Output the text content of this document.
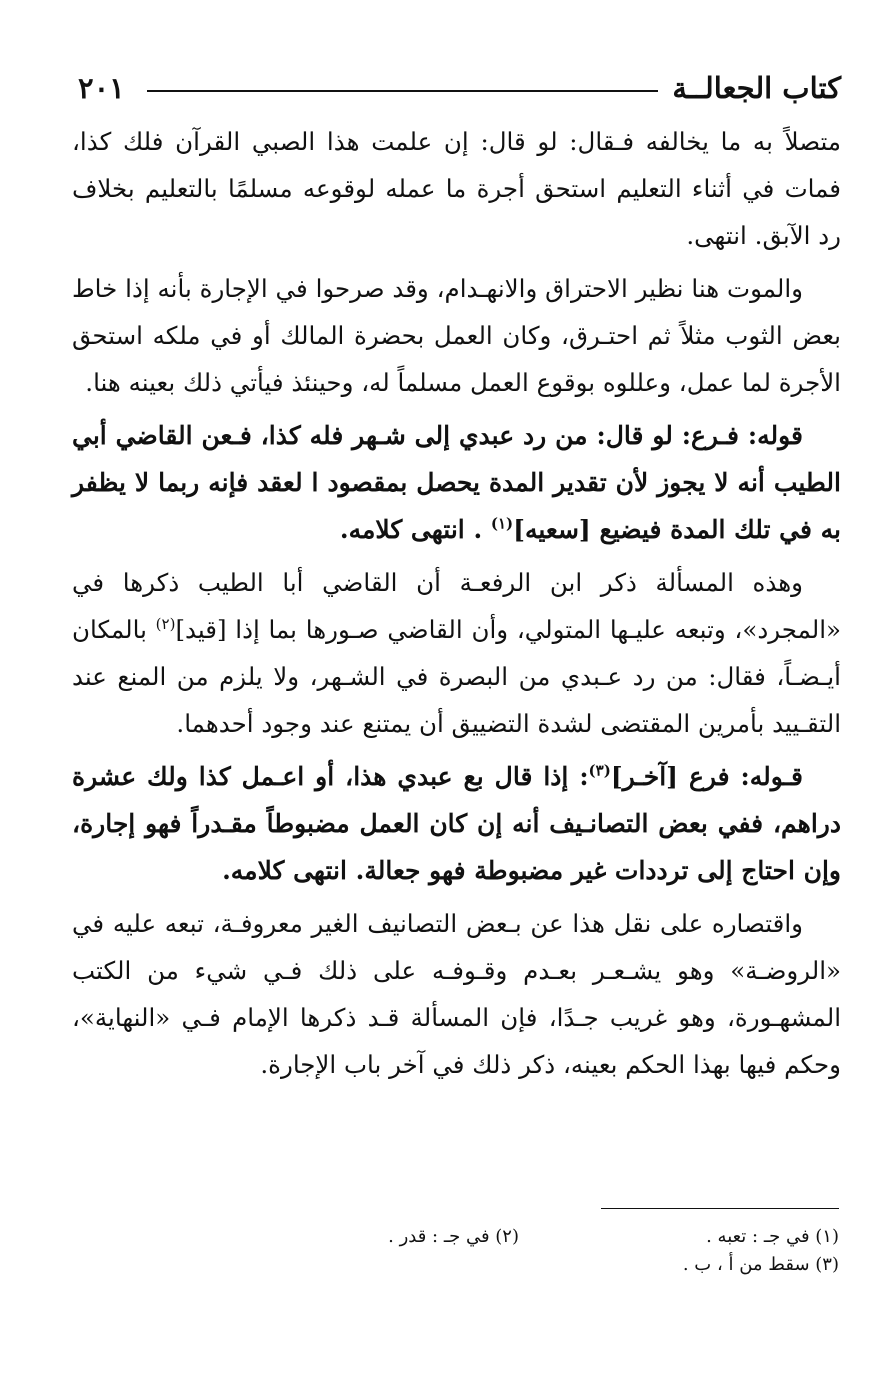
كتاب الجعالــة
٢٠١

متصلاً به ما يخالفه فـقال: لو قال: إن علمت هذا الصبي القرآن فلك كذا، فمات في أثناء التعليم استحق أجرة ما عمله لوقوعه مسلمًا بالتعليم بخلاف رد الآبق. انتهى.

والموت هنا نظير الاحتراق والانهـدام، وقد صرحوا في الإجارة بأنه إذا خاط بعض الثوب مثلاً ثم احتـرق، وكان العمل بحضرة المالك أو في ملكه استحق الأجرة لما عمل، وعللوه بوقوع العمل مسلماً له، وحينئذ فيأتي ذلك بعينه هنا.

قوله: فـرع: لو قال: من رد عبدي إلى شـهر فله كذا، فـعن القاضي أبي الطيب أنه لا يجوز لأن تقدير المدة يحصل بمقصود ا لعقد فإنه ربما لا يظفر به في تلك المدة فيضيع [سعيه]$^{(١)}$ . انتهى كلامه.

وهذه المسألة ذكر ابن الرفعـة أن القاضي أبا الطيب ذكرها في «المجرد»، وتبعه عليـها المتولي، وأن القاضي صـورها بما إذا [قيد]$^{(٢)}$ بالمكان أيـضـاً، فقال: من رد عـبدي من البصرة في الشـهر، ولا يلزم من المنع عند التقـييد بأمرين المقتضى لشدة التضييق أن يمتنع عند وجود أحدهما.

قـوله: فرع [آخـر]$^{(٣)}$: إذا قال بع عبدي هذا، أو اعـمل كذا ولك عشرة دراهم، ففي بعض التصانـيف أنه إن كان العمل مضبوطاً مقـدراً فهو إجارة، وإن احتاج إلى ترددات غير مضبوطة فهو جعالة. انتهى كلامه.

واقتصاره على نقل هذا عن بـعض التصانيف الغير معروفـة، تبعه عليه في «الروضـة» وهو يشـعـر بعـدم وقـوفـه على ذلك فـي شيء من الكتب المشهـورة، وهو غريب جـدًا، فإن المسألة قـد ذكرها الإمام فـي «النهاية»، وحكم فيها بهذا الحكم بعينه، ذكر ذلك في آخر باب الإجارة.

(١) في جـ : تعبه .
(٢) في جـ : قدر .
(٣) سقط من أ ، ب .
